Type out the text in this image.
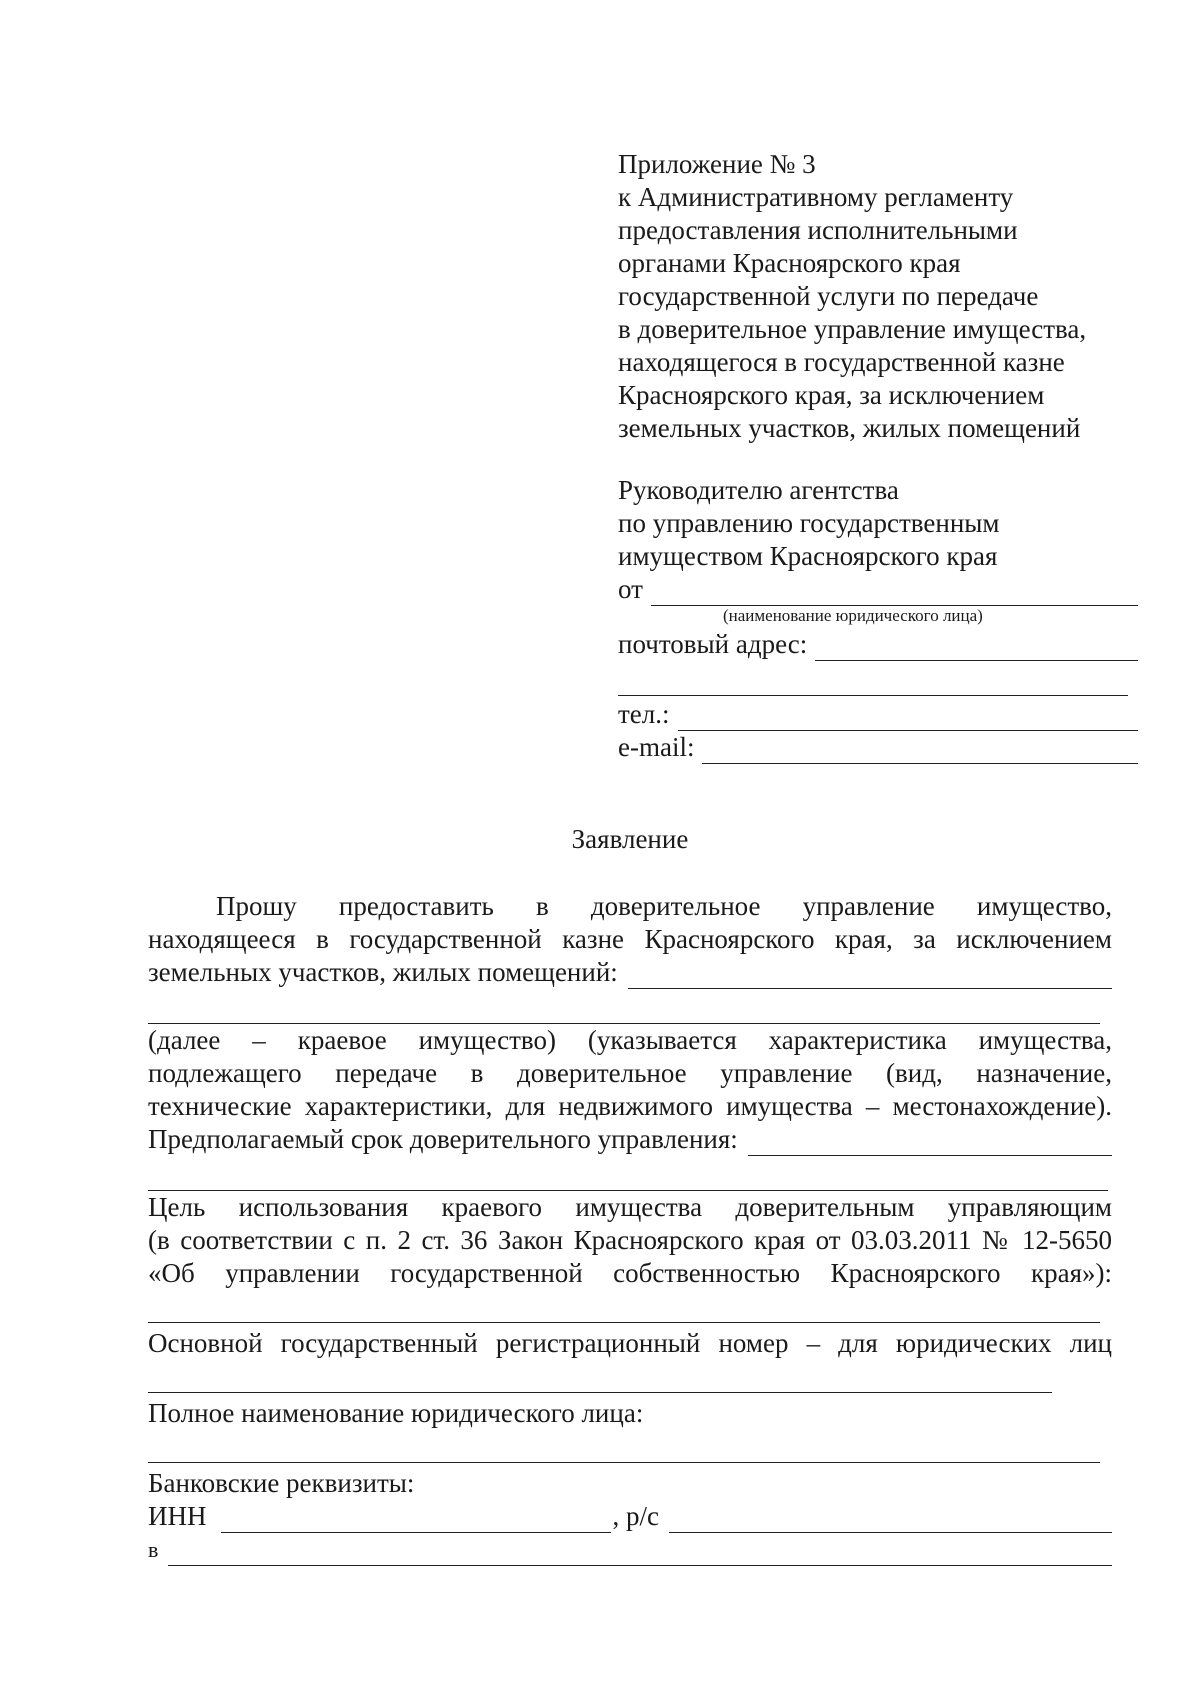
Приложение № 3
к Административному регламенту
предоставления исполнительными
органами Красноярского края
государственной услуги по передаче
в доверительное управление имущества,
находящегося в государственной казне
Красноярского края, за исключением
земельных участков, жилых помещений
Руководителю агентства
по управлению государственным
имуществом Красноярского края
от
(наименование юридического лица)
почтовый адрес:
тел.:
e-mail:
Заявление
Прошу предоставить в доверительное управление имущество,
находящееся в государственной казне Красноярского края, за исключением
земельных участков, жилых помещений:
(далее – краевое имущество) (указывается характеристика имущества,
подлежащего передаче в доверительное управление (вид, назначение,
технические характеристики, для недвижимого имущества – местонахождение).
Предполагаемый срок доверительного управления:
Цель использования краевого имущества доверительным управляющим
(в соответствии с п. 2 ст. 36 Закон Красноярского края от 03.03.2011 № 12-5650
«Об управлении государственной собственностью Красноярского края»):
Основной государственный регистрационный номер – для юридических лиц
Полное наименование юридического лица:
Банковские реквизиты:
ИНН	, р/с
в
